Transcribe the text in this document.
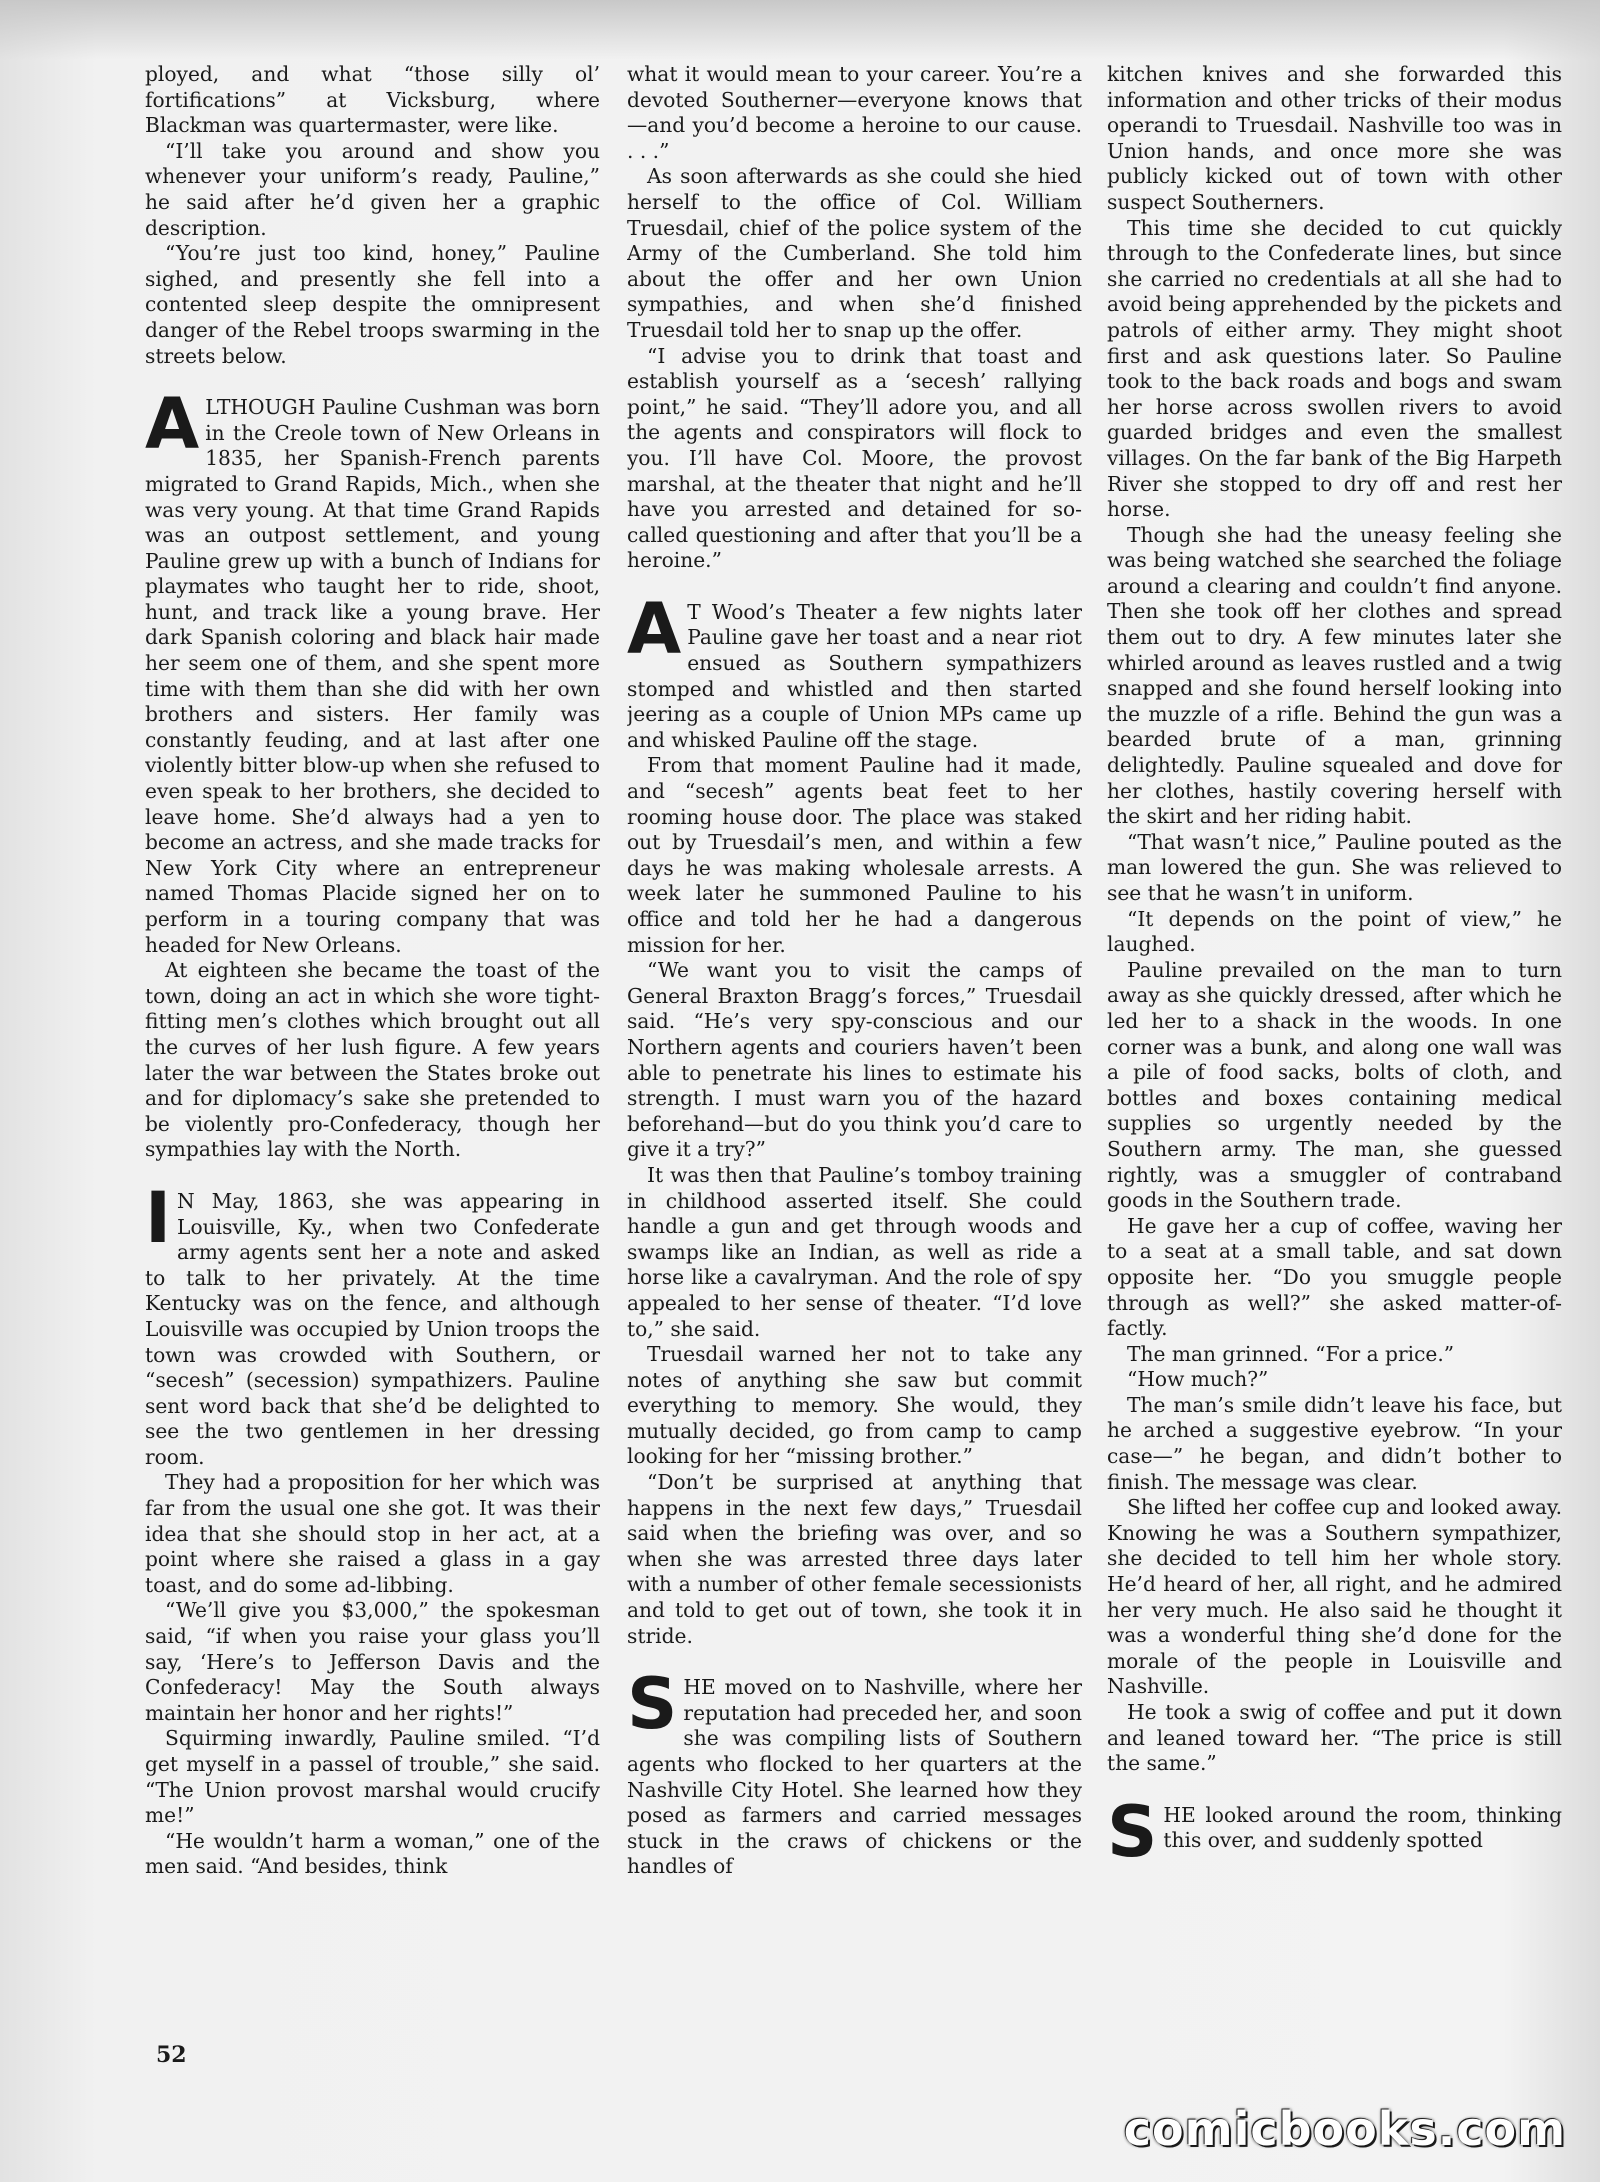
ployed, and what “those silly ol’ fortifications” at Vicksburg, where Blackman was quartermaster, were like.

“I’ll take you around and show you whenever your uniform’s ready, Pauline,” he said after he’d given her a graphic description.

“You’re just too kind, honey,” Pauline sighed, and presently she fell into a contented sleep despite the omnipresent danger of the Rebel troops swarming in the streets below.

ALTHOUGH Pauline Cushman was born in the Creole town of New Orleans in 1835, her Spanish-French parents migrated to Grand Rapids, Mich., when she was very young. At that time Grand Rapids was an outpost settlement, and young Pauline grew up with a bunch of Indians for playmates who taught her to ride, shoot, hunt, and track like a young brave. Her dark Spanish coloring and black hair made her seem one of them, and she spent more time with them than she did with her own brothers and sisters. Her family was constantly feuding, and at last after one violently bitter blow-up when she refused to even speak to her brothers, she decided to leave home. She’d always had a yen to become an actress, and she made tracks for New York City where an entrepreneur named Thomas Placide signed her on to perform in a touring company that was headed for New Orleans.

At eighteen she became the toast of the town, doing an act in which she wore tight-fitting men’s clothes which brought out all the curves of her lush figure. A few years later the war between the States broke out and for diplomacy’s sake she pretended to be violently pro-Confederacy, though her sympathies lay with the North.

I N May, 1863, she was appearing in Louisville, Ky., when two Confederate army agents sent her a note and asked to talk to her privately. At the time Kentucky was on the fence, and although Louisville was occupied by Union troops the town was crowded with Southern, or “secesh” (secession) sympathizers. Pauline sent word back that she’d be delighted to see the two gentlemen in her dressing room.

They had a proposition for her which was far from the usual one she got. It was their idea that she should stop in her act, at a point where she raised a glass in a gay toast, and do some ad-libbing.

“We’ll give you $3,000,” the spokesman said, “if when you raise your glass you’ll say, ‘Here’s to Jefferson Davis and the Confederacy! May the South always maintain her honor and her rights!”

Squirming inwardly, Pauline smiled. “I’d get myself in a passel of trouble,” she said. “The Union provost marshal would crucify me!”

“He wouldn’t harm a woman,” one of the men said. “And besides, think

what it would mean to your career. You’re a devoted Southerner—everyone knows that—and you’d become a heroine to our cause. . . .”

As soon afterwards as she could she hied herself to the office of Col. William Truesdail, chief of the police system of the Army of the Cumberland. She told him about the offer and her own Union sympathies, and when she’d finished Truesdail told her to snap up the offer.

“I advise you to drink that toast and establish yourself as a ‘secesh’ rallying point,” he said. “They’ll adore you, and all the agents and conspirators will flock to you. I’ll have Col. Moore, the provost marshal, at the theater that night and he’ll have you arrested and detained for so-called questioning and after that you’ll be a heroine.”

A T Wood’s Theater a few nights later Pauline gave her toast and a near riot ensued as Southern sympathizers stomped and whistled and then started jeering as a couple of Union MPs came up and whisked Pauline off the stage.

From that moment Pauline had it made, and “secesh” agents beat feet to her rooming house door. The place was staked out by Truesdail’s men, and within a few days he was making wholesale arrests. A week later he summoned Pauline to his office and told her he had a dangerous mission for her.

“We want you to visit the camps of General Braxton Bragg’s forces,” Truesdail said. “He’s very spy-conscious and our Northern agents and couriers haven’t been able to penetrate his lines to estimate his strength. I must warn you of the hazard beforehand—but do you think you’d care to give it a try?”

It was then that Pauline’s tomboy training in childhood asserted itself. She could handle a gun and get through woods and swamps like an Indian, as well as ride a horse like a cavalryman. And the role of spy appealed to her sense of theater. “I’d love to,” she said.

Truesdail warned her not to take any notes of anything she saw but commit everything to memory. She would, they mutually decided, go from camp to camp looking for her “missing brother.”

“Don’t be surprised at anything that happens in the next few days,” Truesdail said when the briefing was over, and so when she was arrested three days later with a number of other female secessionists and told to get out of town, she took it in stride.

SHE moved on to Nashville, where her reputation had preceded her, and soon she was compiling lists of Southern agents who flocked to her quarters at the Nashville City Hotel. She learned how they posed as farmers and carried messages stuck in the craws of chickens or the handles of

kitchen knives and she forwarded this information and other tricks of their modus operandi to Truesdail. Nashville too was in Union hands, and once more she was publicly kicked out of town with other suspect Southerners.

This time she decided to cut quickly through to the Confederate lines, but since she carried no credentials at all she had to avoid being apprehended by the pickets and patrols of either army. They might shoot first and ask questions later. So Pauline took to the back roads and bogs and swam her horse across swollen rivers to avoid guarded bridges and even the smallest villages. On the far bank of the Big Harpeth River she stopped to dry off and rest her horse.

Though she had the uneasy feeling she was being watched she searched the foliage around a clearing and couldn’t find anyone. Then she took off her clothes and spread them out to dry. A few minutes later she whirled around as leaves rustled and a twig snapped and she found herself looking into the muzzle of a rifle. Behind the gun was a bearded brute of a man, grinning delightedly. Pauline squealed and dove for her clothes, hastily covering herself with the skirt and her riding habit.

“That wasn’t nice,” Pauline pouted as the man lowered the gun. She was relieved to see that he wasn’t in uniform.

“It depends on the point of view,” he laughed.

Pauline prevailed on the man to turn away as she quickly dressed, after which he led her to a shack in the woods. In one corner was a bunk, and along one wall was a pile of food sacks, bolts of cloth, and bottles and boxes containing medical supplies so urgently needed by the Southern army. The man, she guessed rightly, was a smuggler of contraband goods in the Southern trade.

He gave her a cup of coffee, waving her to a seat at a small table, and sat down opposite her. “Do you smuggle people through as well?” she asked matter-of-factly.

The man grinned. “For a price.”

“How much?”

The man’s smile didn’t leave his face, but he arched a suggestive eyebrow. “In your case—” he began, and didn’t bother to finish. The message was clear.

She lifted her coffee cup and looked away. Knowing he was a Southern sympathizer, she decided to tell him her whole story. He’d heard of her, all right, and he admired her very much. He also said he thought it was a wonderful thing she’d done for the morale of the people in Louisville and Nashville.

He took a swig of coffee and put it down and leaned toward her. “The price is still the same.”

SHE looked around the room, thinking this over, and suddenly spotted

52
comicbooks.com
